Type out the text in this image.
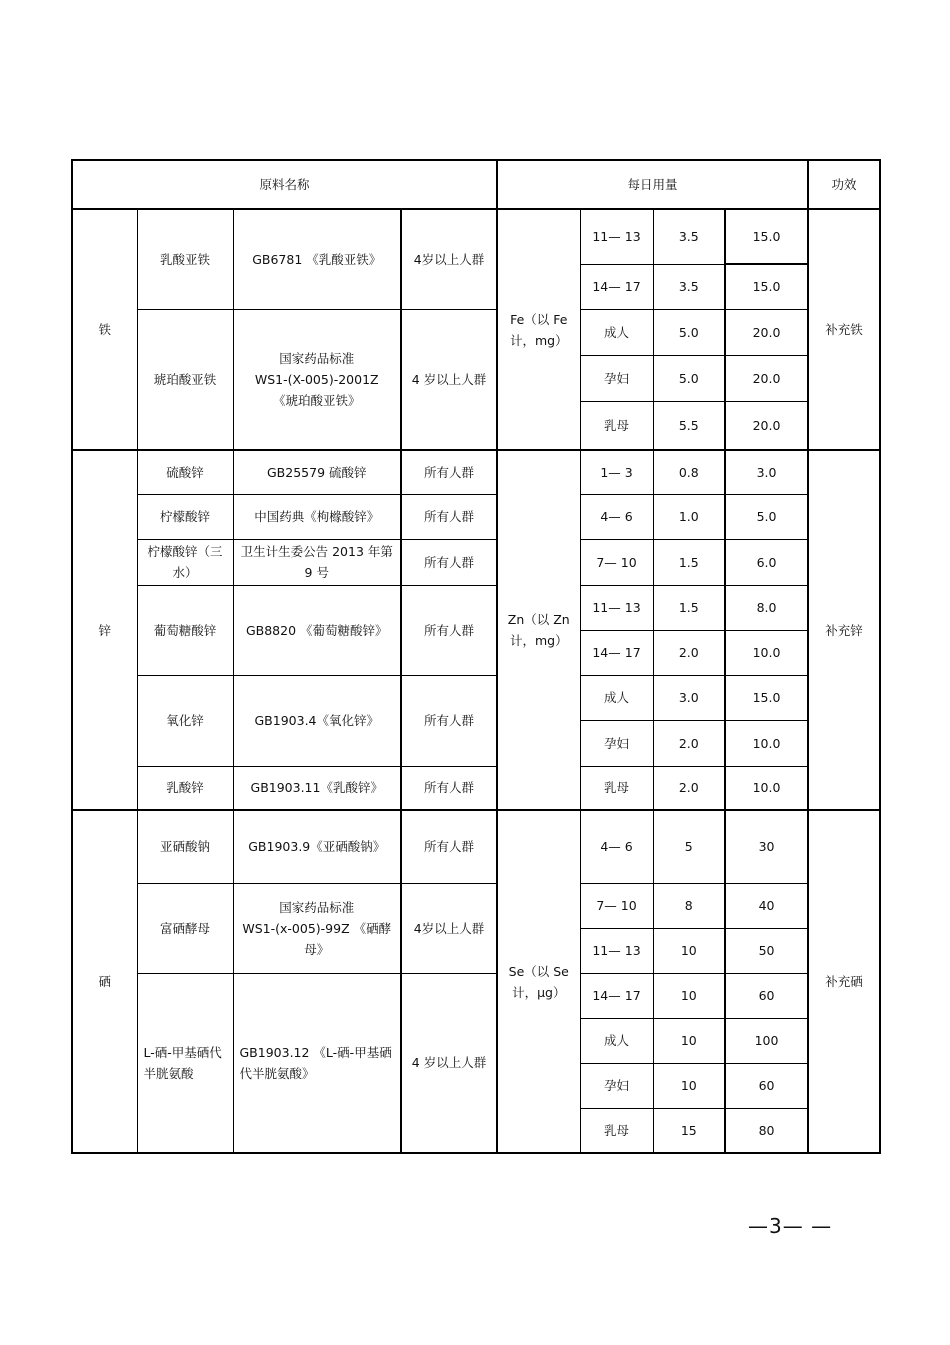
原料名称				每日用量				功效
铁	乳酸亚铁	GB6781 《乳酸亚铁》	4岁以上人群	Fe（以 Fe 计，mg）	11— 13	3.5	15.0	补充铁
					14— 17	3.5	15.0	
	琥珀酸亚铁	国家药品标准
WS1-(X-005)-2001Z
《琥珀酸亚铁》	4 岁以上人群		成人	5.0	20.0	
					孕妇	5.0	20.0	
					乳母	5.5	20.0	
锌	硫酸锌	GB25579 硫酸锌	所有人群	Zn（以 Zn 计，mg）	1— 3	0.8	3.0	补充锌
	柠檬酸锌	中国药典《枸橼酸锌》	所有人群		4— 6	1.0	5.0	
	柠檬酸锌（三水）	卫生计生委公告 2013 年第 9 号	所有人群		7— 10	1.5	6.0	
	葡萄糖酸锌	GB8820 《葡萄糖酸锌》	所有人群		11— 13	1.5	8.0	
					14— 17	2.0	10.0	
	氧化锌	GB1903.4《氧化锌》	所有人群		成人	3.0	15.0	
					孕妇	2.0	10.0	
	乳酸锌	GB1903.11《乳酸锌》	所有人群		乳母	2.0	10.0	
硒	亚硒酸钠	GB1903.9《亚硒酸钠》	所有人群	Se（以 Se 计，μg）	4— 6	5	30	补充硒
	富硒酵母	国家药品标准
WS1-(x-005)-99Z 《硒酵母》	4岁以上人群		7— 10	8	40	
					11— 13	10	50	
	L-硒-甲基硒代半胱氨酸	GB1903.12 《L-硒-甲基硒代半胱氨酸》	4 岁以上人群		14— 17	10	60	
					成人	10	100	
					孕妇	10	60	
					乳母	15	80	
—3— —
